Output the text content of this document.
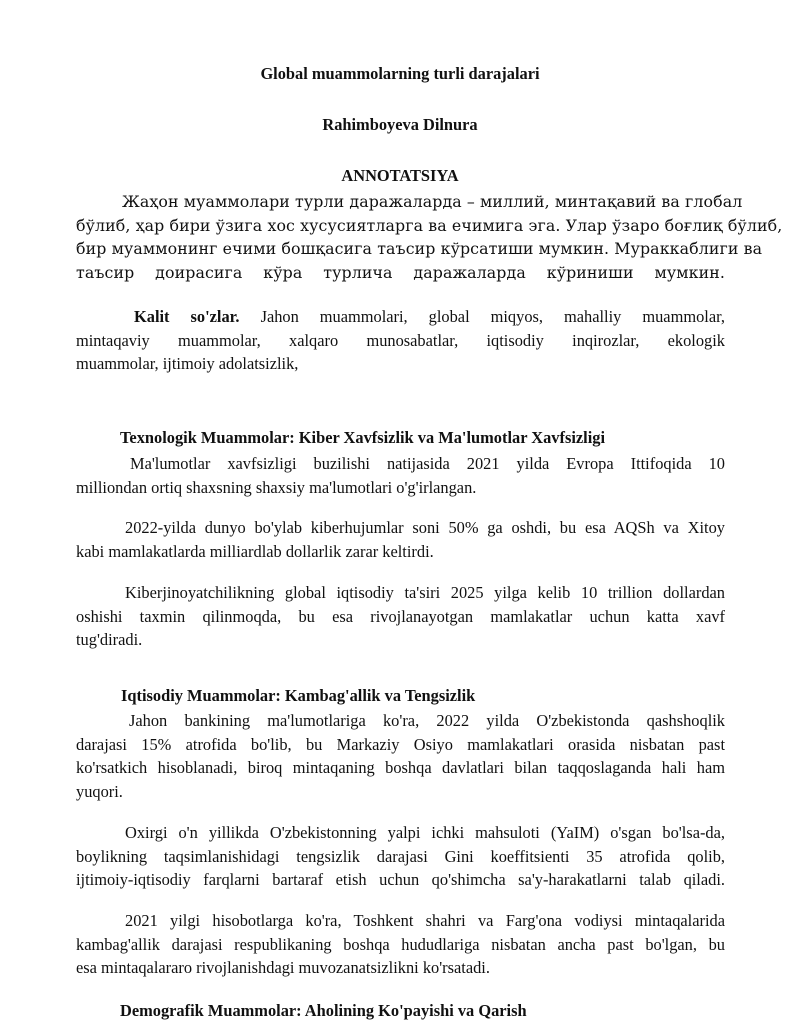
Global muammolarning turli darajalari
Rahimboyeva Dilnura
ANNOTATSIYA
Жаҳон муаммолари турли даражаларда – миллий, минтақавий ва глобал
бўлиб, ҳар бири ўзига хос хусусиятларга ва ечимига эга. Улар ўзаро боғлиқ бўлиб,
бир муаммонинг ечими бошқасига таъсир кўрсатиши мумкин. Мураккаблиги ва
таъсир доирасига кўра турлича даражаларда кўриниши мумкин.
Kalit so'zlar. Jahon muammolari, global miqyos, mahalliy muammolar,
mintaqaviy muammolar, xalqaro munosabatlar, iqtisodiy inqirozlar, ekologik
muammolar, ijtimoiy adolatsizlik,
Texnologik Muammolar: Kiber Xavfsizlik va Ma'lumotlar Xavfsizligi
Ma'lumotlar xavfsizligi buzilishi natijasida 2021 yilda Evropa Ittifoqida 10
milliondan ortiq shaxsning shaxsiy ma'lumotlari o'g'irlangan.
2022-yilda dunyo bo'ylab kiberhujumlar soni 50% ga oshdi, bu esa AQSh va Xitoy
kabi mamlakatlarda milliardlab dollarlik zarar keltirdi.
Kiberjinoyatchilikning global iqtisodiy ta'siri 2025 yilga kelib 10 trillion dollardan
oshishi taxmin qilinmoqda, bu esa rivojlanayotgan mamlakatlar uchun katta xavf
tug'diradi.
Iqtisodiy Muammolar: Kambag'allik va Tengsizlik
Jahon bankining ma'lumotlariga ko'ra, 2022 yilda O'zbekistonda qashshoqlik
darajasi 15% atrofida bo'lib, bu Markaziy Osiyo mamlakatlari orasida nisbatan past
ko'rsatkich hisoblanadi, biroq mintaqaning boshqa davlatlari bilan taqqoslaganda hali ham
yuqori.
Oxirgi o'n yillikda O'zbekistonning yalpi ichki mahsuloti (YaIM) o'sgan bo'lsa-da,
boylikning taqsimlanishidagi tengsizlik darajasi Gini koeffitsienti 35 atrofida qolib,
ijtimoiy-iqtisodiy farqlarni bartaraf etish uchun qo'shimcha sa'y-harakatlarni talab qiladi.
2021 yilgi hisobotlarga ko'ra, Toshkent shahri va Farg'ona vodiysi mintaqalarida
kambag'allik darajasi respublikaning boshqa hududlariga nisbatan ancha past bo'lgan, bu
esa mintaqalararo rivojlanishdagi muvozanatsizlikni ko'rsatadi.
Demografik Muammolar: Aholining Ko'payishi va Qarish
